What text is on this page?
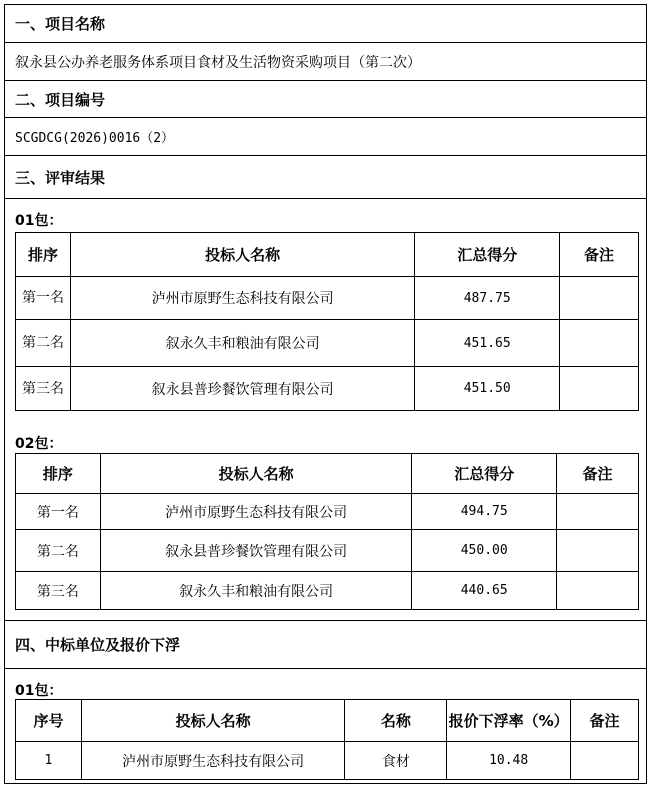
一、项目名称
叙永县公办养老服务体系项目食材及生活物资采购项目（第二次）
二、项目编号
SCGDCG(2026)0016（2）
三、评审结果
01包：
排序	投标人名称	汇总得分	备注
第一名	泸州市原野生态科技有限公司	487.75	
第二名	叙永久丰和粮油有限公司	451.65	
第三名	叙永县普珍餐饮管理有限公司	451.50	
02包：
排序	投标人名称	汇总得分	备注
第一名	泸州市原野生态科技有限公司	494.75	
第二名	叙永县普珍餐饮管理有限公司	450.00	
第三名	叙永久丰和粮油有限公司	440.65	
四、中标单位及报价下浮
01包：
序号	投标人名称	名称	报价下浮率（%）	备注
1	泸州市原野生态科技有限公司	食材	10.48	
